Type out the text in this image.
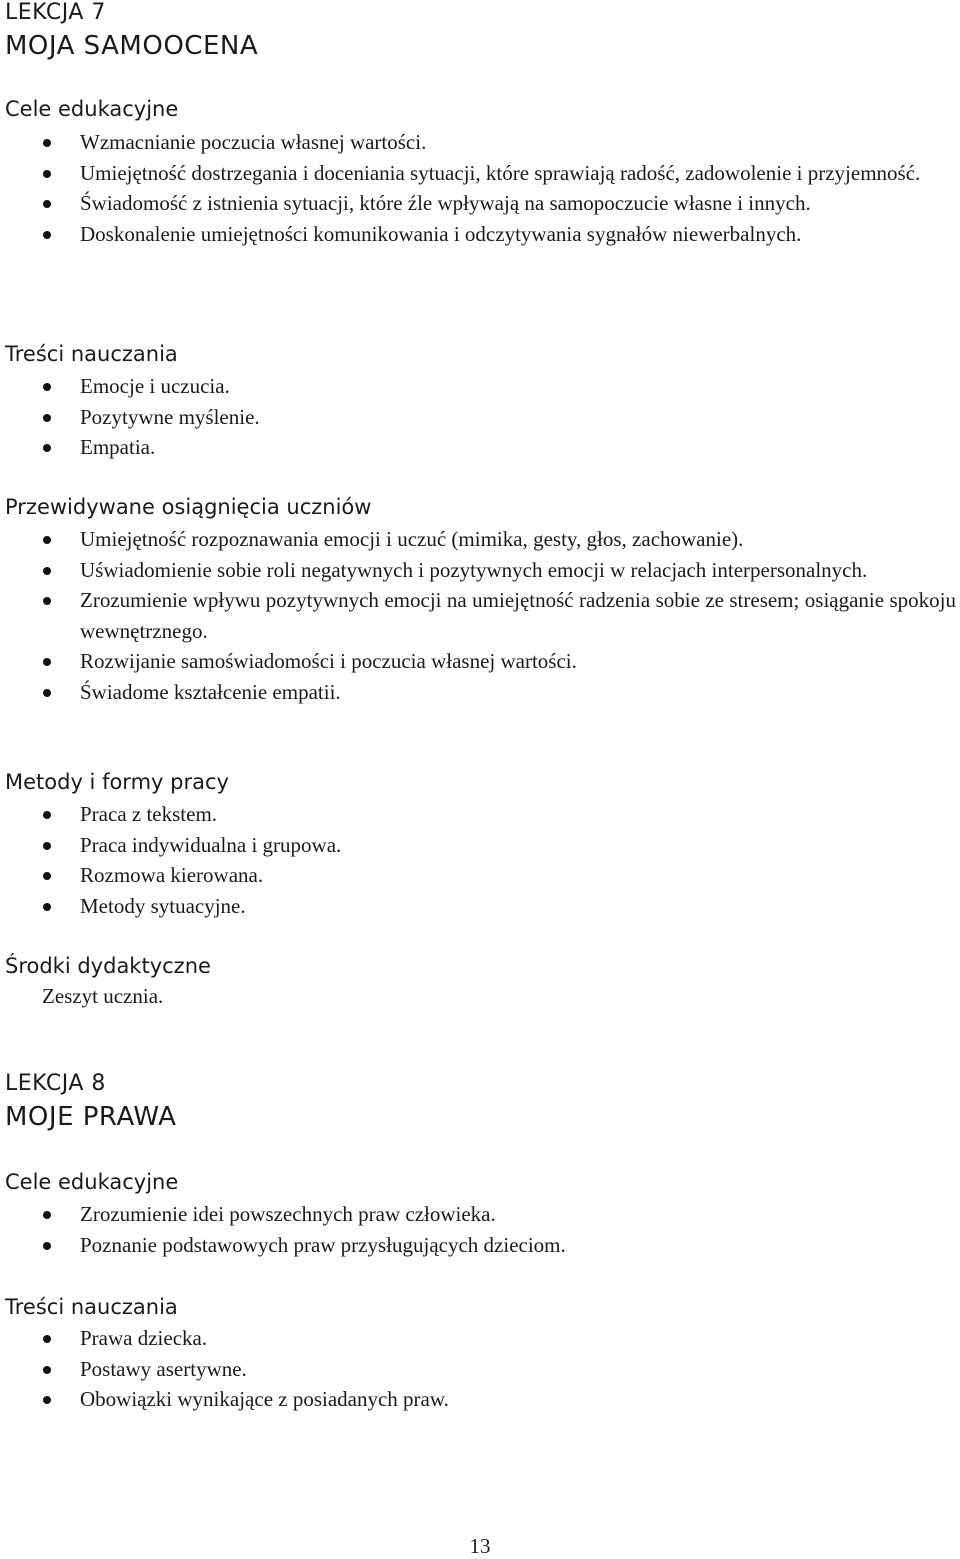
LEKCJA 7

MOJA SAMOOCENA

Cele edukacyjne

Wzmacnianie poczucia własnej wartości.
Umiejętność dostrzegania i doceniania sytuacji, które sprawiają radość, zadowolenie i przyjemność.
Świadomość z istnienia sytuacji, które źle wpływają na samopoczucie własne i innych.
Doskonalenie umiejętności komunikowania i odczytywania sygnałów niewerbalnych.

Treści nauczania

Emocje i uczucia.
Pozytywne myślenie.
Empatia.

Przewidywane osiągnięcia uczniów

Umiejętność rozpoznawania emocji i uczuć (mimika, gesty, głos, zachowanie).
Uświadomienie sobie roli negatywnych i pozytywnych emocji w relacjach interpersonalnych.
Zrozumienie wpływu pozytywnych emocji na umiejętność radzenia sobie ze stresem; osiąganie spokoju wewnętrznego.
Rozwijanie samoświadomości i poczucia własnej wartości.
Świadome kształcenie empatii.

Metody i formy pracy

Praca z tekstem.
Praca indywidualna i grupowa.
Rozmowa kierowana.
Metody sytuacyjne.

Środki dydaktyczne

Zeszyt ucznia.

LEKCJA 8

MOJE PRAWA

Cele edukacyjne

Zrozumienie idei powszechnych praw człowieka.
Poznanie podstawowych praw przysługujących dzieciom.

Treści nauczania

Prawa dziecka.
Postawy asertywne.
Obowiązki wynikające z posiadanych praw.
13
